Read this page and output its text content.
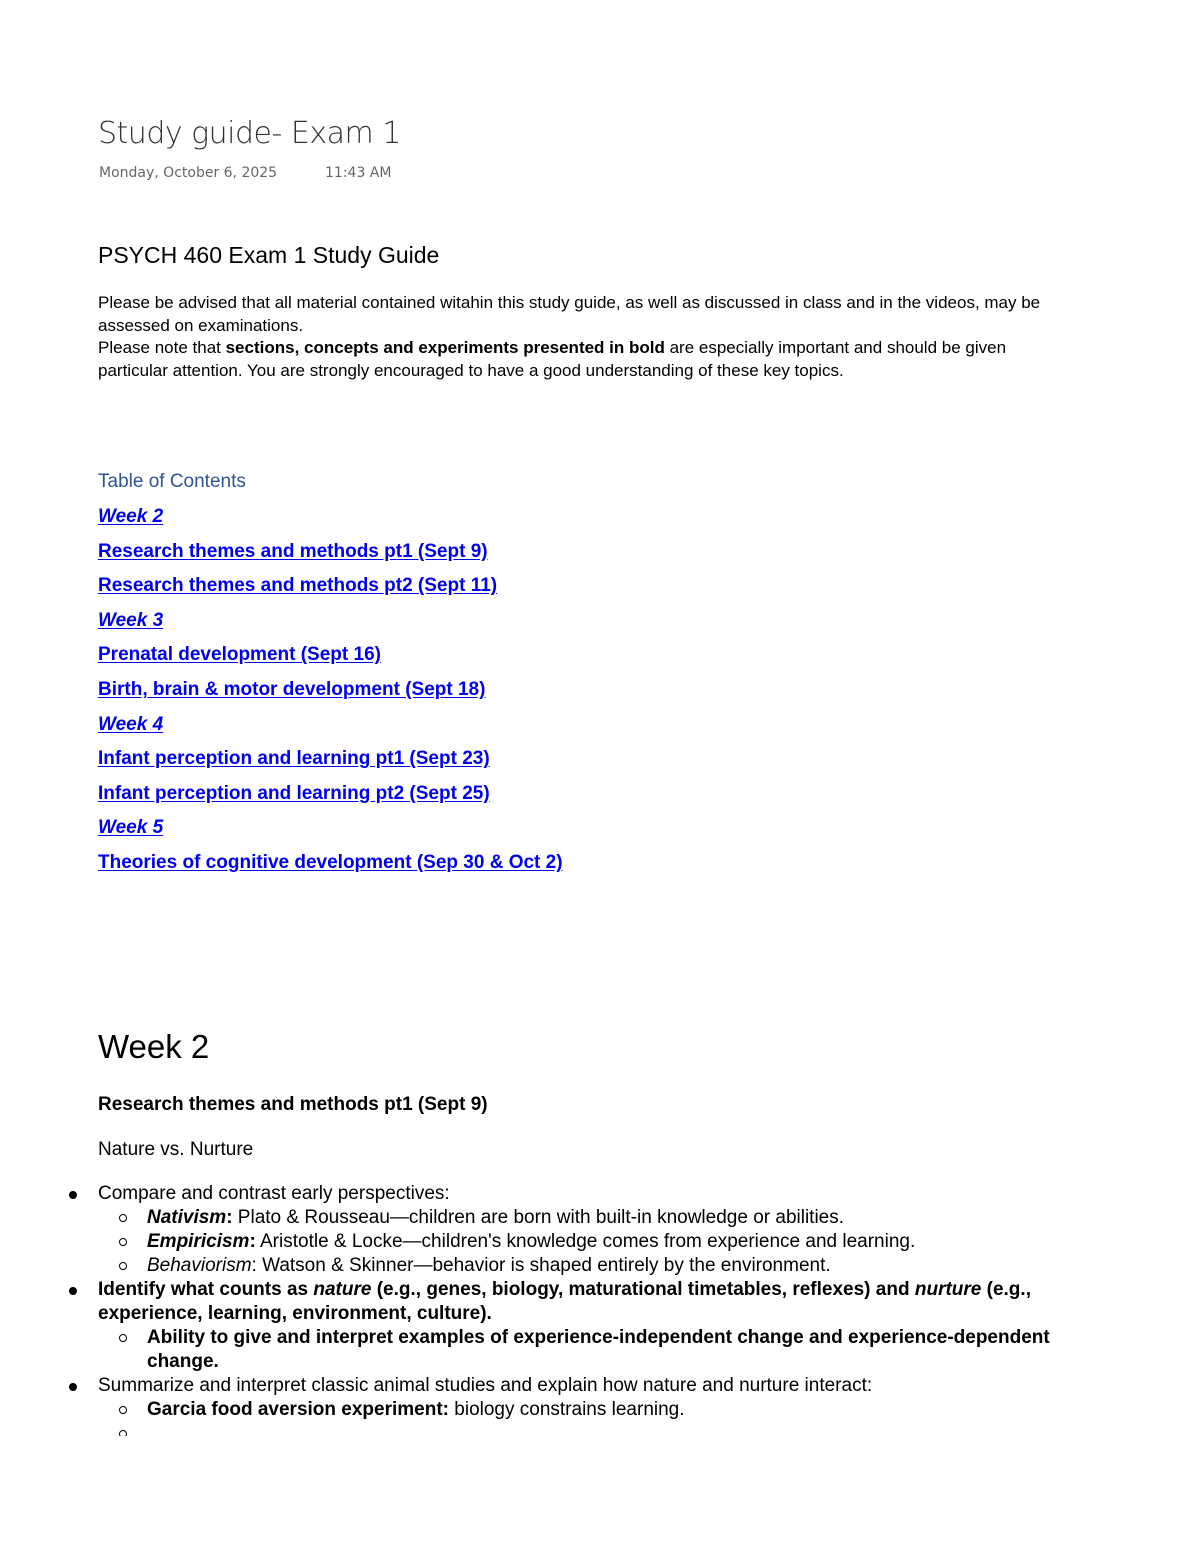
Study guide- Exam 1
Monday, October 6, 2025	11:43 AM
PSYCH 460 Exam 1 Study Guide

Please be advised that all material contained witahin this study guide, as well as discussed in class and in the videos, may be assessed on examinations.

Please note that sections, concepts and experiments presented in bold are especially important and should be given particular attention. You are strongly encouraged to have a good understanding of these key topics.

Table of Contents
Week 2
Research themes and methods pt1 (Sept 9)
Research themes and methods pt2 (Sept 11)
Week 3
Prenatal development (Sept 16)
Birth, brain & motor development (Sept 18)
Week 4
Infant perception and learning pt1 (Sept 23)
Infant perception and learning pt2 (Sept 25)
Week 5
Theories of cognitive development (Sep 30 & Oct 2)
Week 2
Research themes and methods pt1 (Sept 9)
Nature vs. Nurture
Compare and contrast early perspectives:
Nativism: Plato & Rousseau—children are born with built-in knowledge or abilities.
Empiricism: Aristotle & Locke—children's knowledge comes from experience and learning.
Behaviorism: Watson & Skinner—behavior is shaped entirely by the environment.
Identify what counts as nature (e.g., genes, biology, maturational timetables, reflexes) and nurture (e.g., experience, learning, environment, culture).
Ability to give and interpret examples of experience-independent change and experience-dependent change.
Summarize and interpret classic animal studies and explain how nature and nurture interact:
Garcia food aversion experiment: biology constrains learning.
